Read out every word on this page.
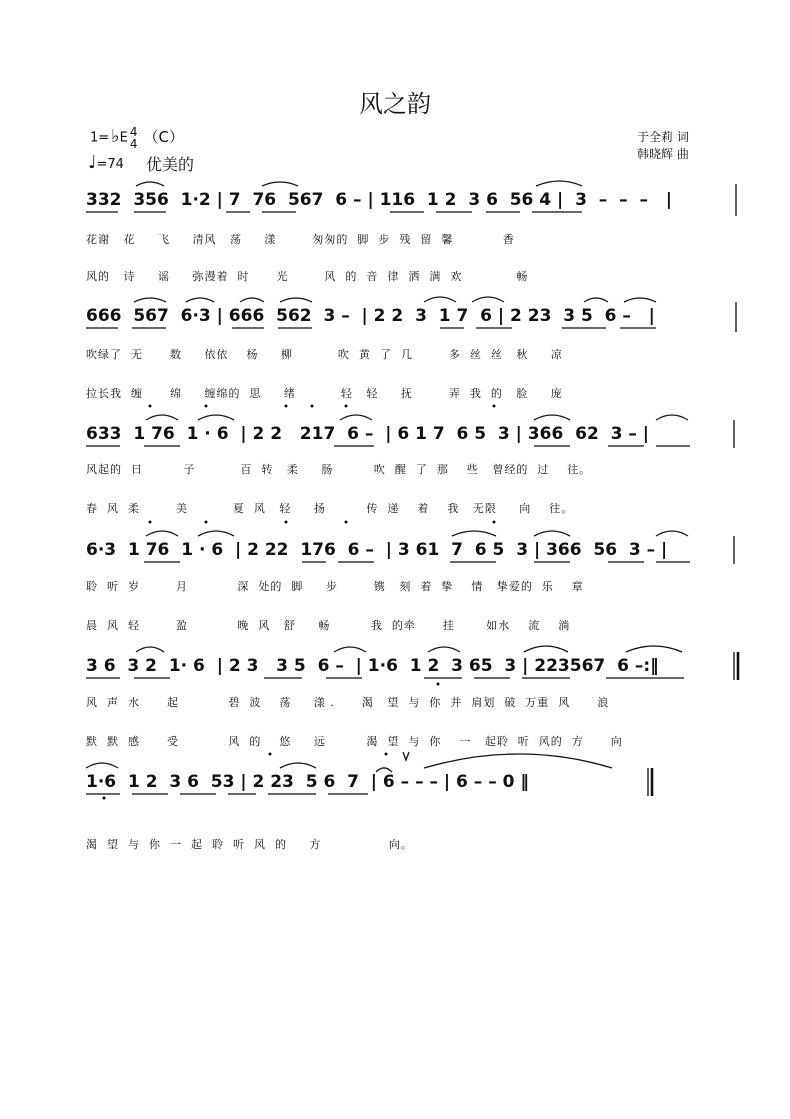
风之韵
1= ♭E 4
4 （C）
♩=74 优美的
于全莉 词
韩晓辉 曲
332  356  1·2 | 7  76  567  6 – | 116  1 2  3 6  56 4 |  3  –  –  –   |
花谢   花     飞     清风   荡     漾        匆匆的  脚  步  残  留  馨           香
风的   诗     谣     弥漫着  时      光        风  的  音  律  洒  满  欢            畅
666  567  6·3 | 666  562  3 –  | 2 2  3  1 7  6 | 2 23  3 5  6 –   |
吹绿了  无      数     依依    杨     柳          吹  黄  了  几        多  丝  丝   秋     凉
拉长我  缠      绵     缠绵的  思     绪          轻   轻     抚        弄  我  的   脸     庞
633  1 76  1 · 6  | 2 2   217  6 –  | 6 1 7  6 5  3 | 366  62  3 – |
风起的  日         子          百  转   柔     肠         吹  醒  了  那    些   曾经的  过    往。
春  风  柔        美          夏  风   轻     扬         传  递    着    我   无限     向    往。
6·3  1 76  1 · 6  | 2 22  176  6 –  | 3 61  7  6 5  3 | 366  56  3 – |
聆  听  岁        月           深  处的  脚     步        镌   刻  着  挚    情   挚爱的  乐    章
晨  风  轻        盈           晚  风   舒     畅         我  的牵      挂       如水    流    淌
3 6  3 2  1· 6  | 2 3   3 5  6 –  | 1·6  1 2  3 65  3 | 223567  6 –:‖
风  声  水      起           碧  波    荡     漾 .      渴   望  与  你  并  肩划  破  万重  风      浪
默  默  感      受           风  的    悠     远         渴  望  与  你    一   起聆  听  风的  方      向
1·6  1 2  3 6  53 | 2 23  5 6  7  | 6 – – – | 6 – – 0 ‖
渴  望  与  你  一  起  聆  听  风  的     方               向。
